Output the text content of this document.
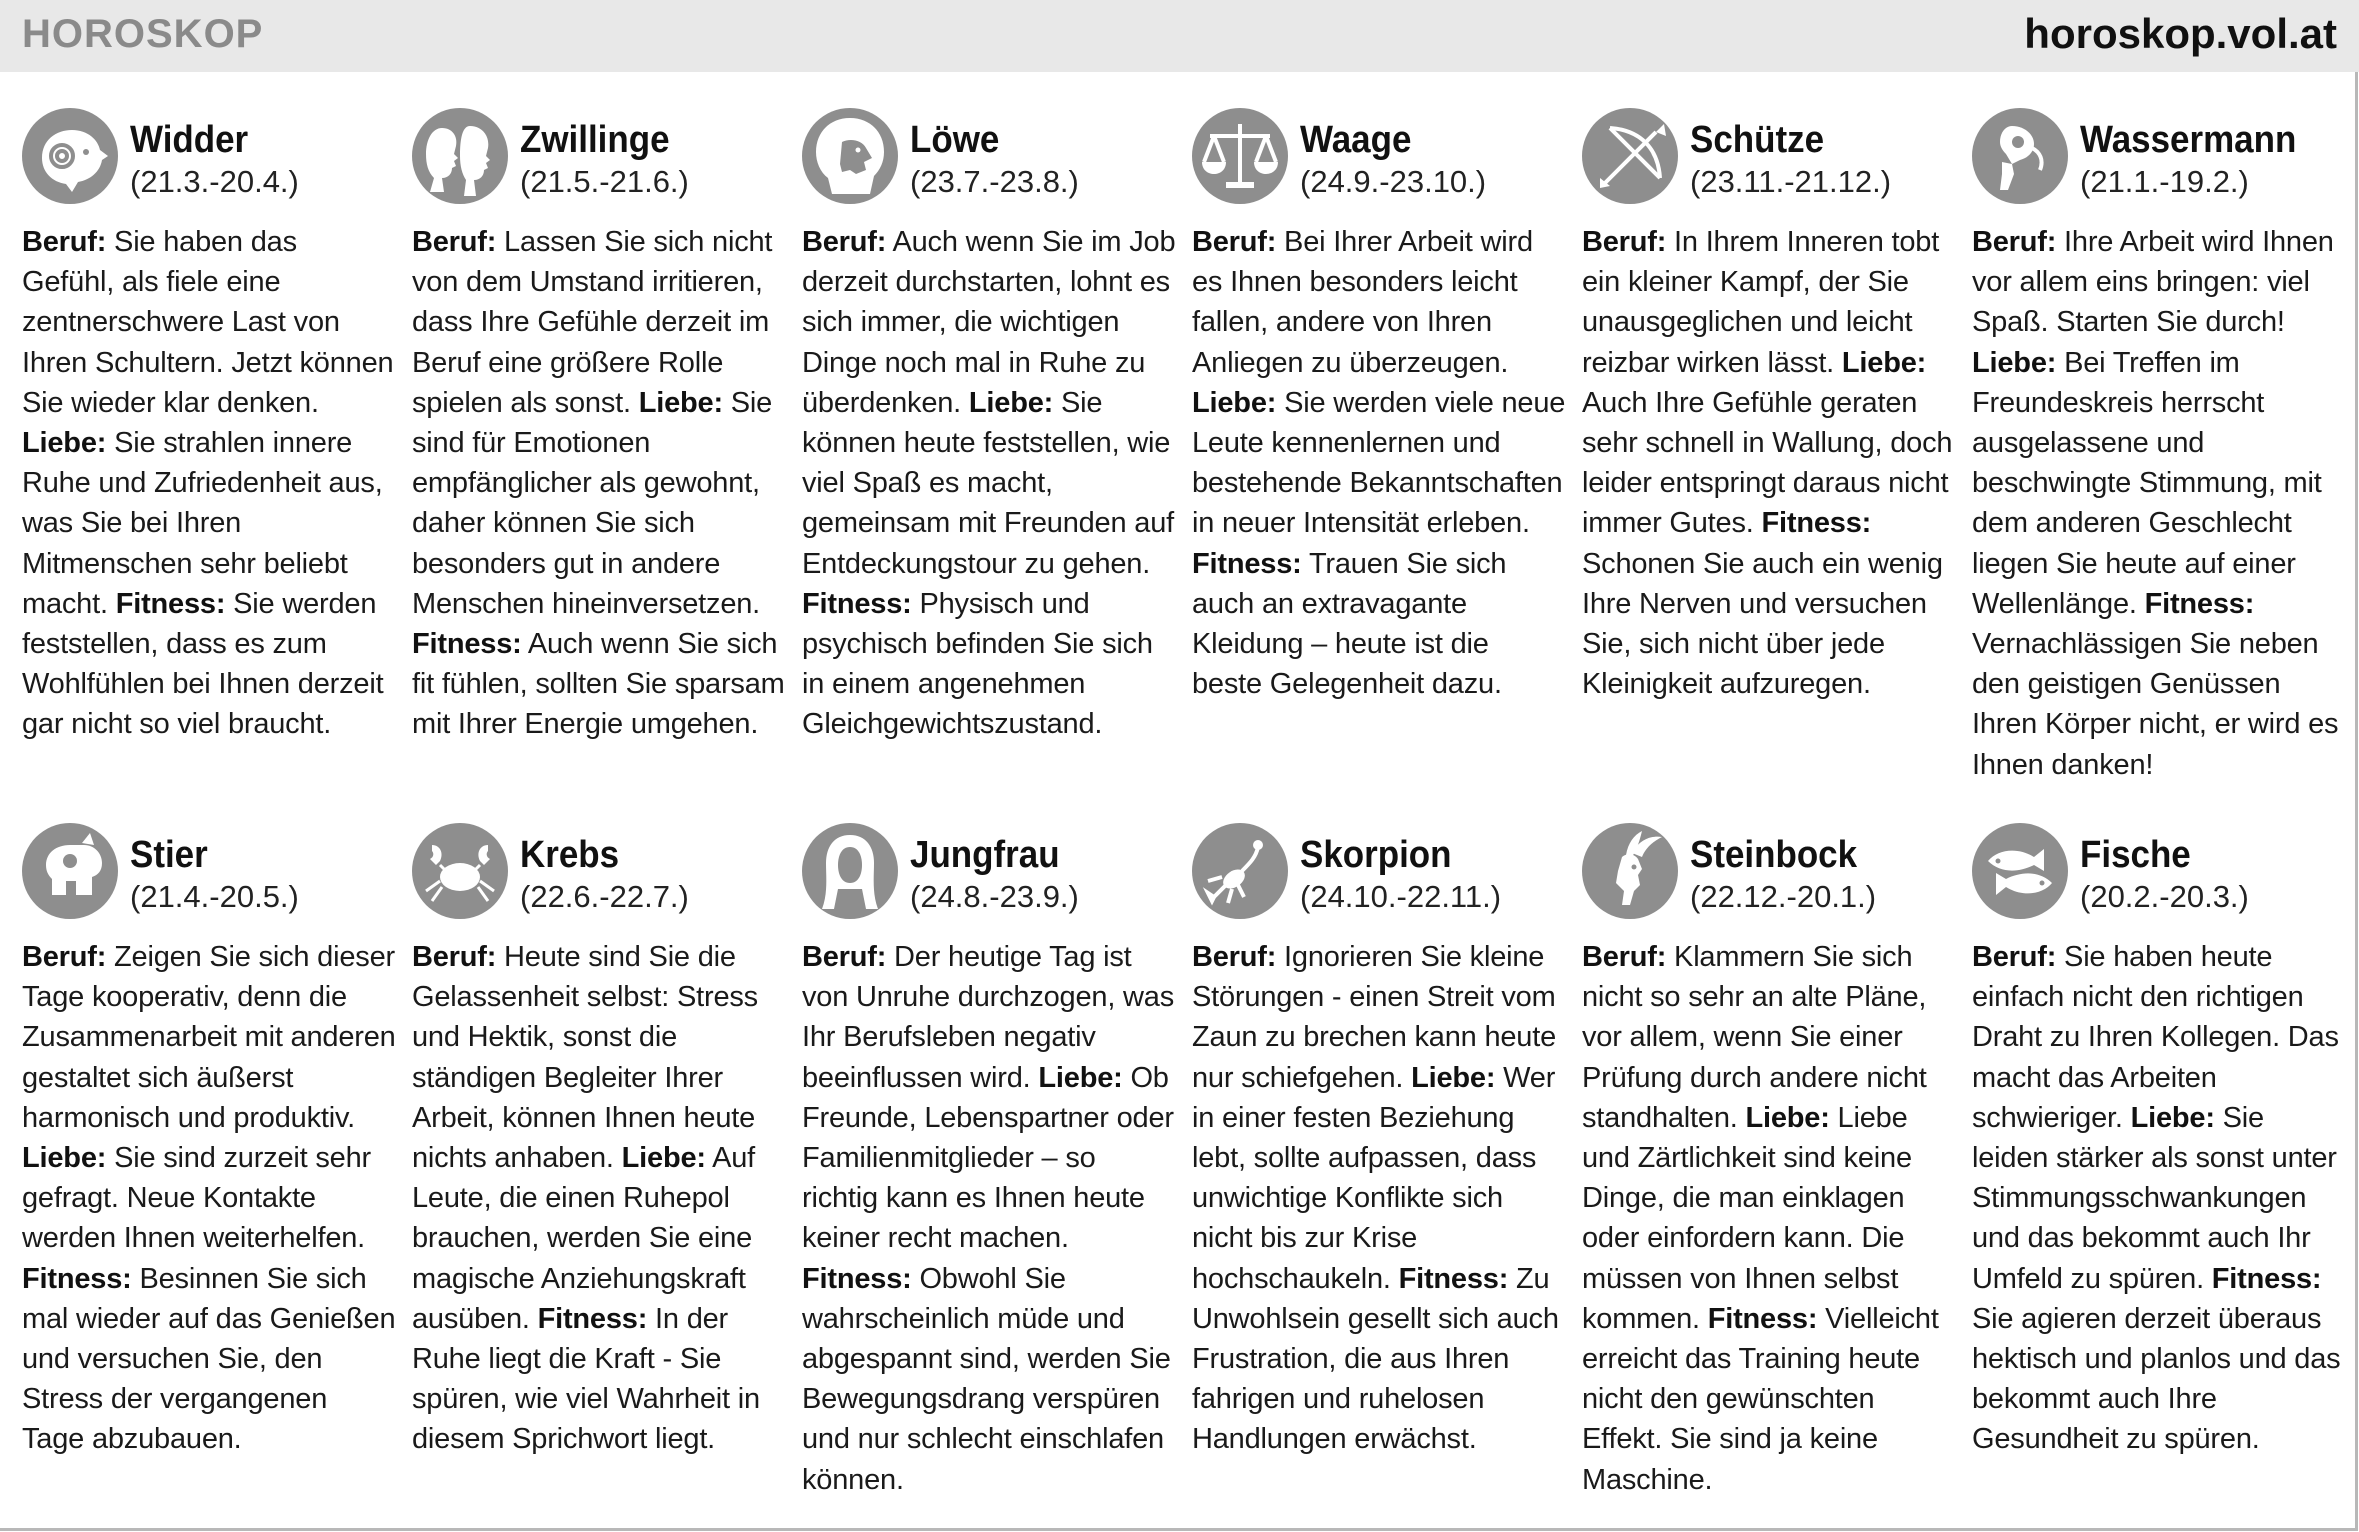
HOROSKOP	horoskop.vol.at
Widder
(21.3.-20.4.)
Beruf: Sie haben das Gefühl, als fiele eine zentnerschwere Last von Ihren Schultern. Jetzt können Sie wieder klar denken. Liebe: Sie strahlen innere Ruhe und Zufriedenheit aus, was Sie bei Ihren Mitmenschen sehr beliebt macht. Fitness: Sie werden feststellen, dass es zum Wohlfühlen bei Ihnen derzeit gar nicht so viel braucht.
Zwillinge
(21.5.-21.6.)
Beruf: Lassen Sie sich nicht von dem Umstand irritieren, dass Ihre Gefühle derzeit im Beruf eine größere Rolle spielen als sonst. Liebe: Sie sind für Emotionen empfänglicher als gewohnt, daher können Sie sich besonders gut in andere Menschen hineinversetzen. Fitness: Auch wenn Sie sich fit fühlen, sollten Sie sparsam mit Ihrer Energie umgehen.
Löwe
(23.7.-23.8.)
Beruf: Auch wenn Sie im Job derzeit durchstarten, lohnt es sich immer, die wichtigen Dinge noch mal in Ruhe zu überdenken. Liebe: Sie können heute feststellen, wie viel Spaß es macht, gemeinsam mit Freunden auf Entdeckungstour zu gehen. Fitness: Physisch und psychisch befinden Sie sich in einem angenehmen Gleichgewichtszustand.
Waage
(24.9.-23.10.)
Beruf: Bei Ihrer Arbeit wird es Ihnen besonders leicht fallen, andere von Ihren Anliegen zu überzeugen. Liebe: Sie werden viele neue Leute kennenlernen und bestehende Bekanntschaften in neuer Intensität erleben. Fitness: Trauen Sie sich auch an extravagante Kleidung – heute ist die beste Gelegenheit dazu.
Schütze
(23.11.-21.12.)
Beruf: In Ihrem Inneren tobt ein kleiner Kampf, der Sie unausgeglichen und leicht reizbar wirken lässt. Liebe: Auch Ihre Gefühle geraten sehr schnell in Wallung, doch leider entspringt daraus nicht immer Gutes. Fitness: Schonen Sie auch ein wenig Ihre Nerven und versuchen Sie, sich nicht über jede Kleinigkeit aufzuregen.
Wassermann
(21.1.-19.2.)
Beruf: Ihre Arbeit wird Ihnen vor allem eins bringen: viel Spaß. Starten Sie durch! Liebe: Bei Treffen im Freundeskreis herrscht ausgelassene und beschwingte Stimmung, mit dem anderen Geschlecht liegen Sie heute auf einer Wellenlänge. Fitness: Vernachlässigen Sie neben den geistigen Genüssen Ihren Körper nicht, er wird es Ihnen danken!
Stier
(21.4.-20.5.)
Beruf: Zeigen Sie sich dieser Tage kooperativ, denn die Zusammenarbeit mit anderen gestaltet sich äußerst harmonisch und produktiv. Liebe: Sie sind zurzeit sehr gefragt. Neue Kontakte werden Ihnen weiterhelfen. Fitness: Besinnen Sie sich mal wieder auf das Genießen und versuchen Sie, den Stress der vergangenen Tage abzubauen.
Krebs
(22.6.-22.7.)
Beruf: Heute sind Sie die Gelassenheit selbst: Stress und Hektik, sonst die ständigen Begleiter Ihrer Arbeit, können Ihnen heute nichts anhaben. Liebe: Auf Leute, die einen Ruhepol brauchen, werden Sie eine magische Anziehungskraft ausüben. Fitness: In der Ruhe liegt die Kraft - Sie spüren, wie viel Wahrheit in diesem Sprichwort liegt.
Jungfrau
(24.8.-23.9.)
Beruf: Der heutige Tag ist von Unruhe durchzogen, was Ihr Berufsleben negativ beeinflussen wird. Liebe: Ob Freunde, Lebenspartner oder Familienmitglieder – so richtig kann es Ihnen heute keiner recht machen. Fitness: Obwohl Sie wahrscheinlich müde und abgespannt sind, werden Sie Bewegungsdrang verspüren und nur schlecht einschlafen können.
Skorpion
(24.10.-22.11.)
Beruf: Ignorieren Sie kleine Störungen - einen Streit vom Zaun zu brechen kann heute nur schiefgehen. Liebe: Wer in einer festen Beziehung lebt, sollte aufpassen, dass unwichtige Konflikte sich nicht bis zur Krise hochschaukeln. Fitness: Zu Unwohlsein gesellt sich auch Frustration, die aus Ihren fahrigen und ruhelosen Handlungen erwächst.
Steinbock
(22.12.-20.1.)
Beruf: Klammern Sie sich nicht so sehr an alte Pläne, vor allem, wenn Sie einer Prüfung durch andere nicht standhalten. Liebe: Liebe und Zärtlichkeit sind keine Dinge, die man einklagen oder einfordern kann. Die müssen von Ihnen selbst kommen. Fitness: Vielleicht erreicht das Training heute nicht den gewünschten Effekt. Sie sind ja keine Maschine.
Fische
(20.2.-20.3.)
Beruf: Sie haben heute einfach nicht den richtigen Draht zu Ihren Kollegen. Das macht das Arbeiten schwieriger. Liebe: Sie leiden stärker als sonst unter Stimmungsschwankungen und das bekommt auch Ihr Umfeld zu spüren. Fitness: Sie agieren derzeit überaus hektisch und planlos und das bekommt auch Ihre Gesundheit zu spüren.
